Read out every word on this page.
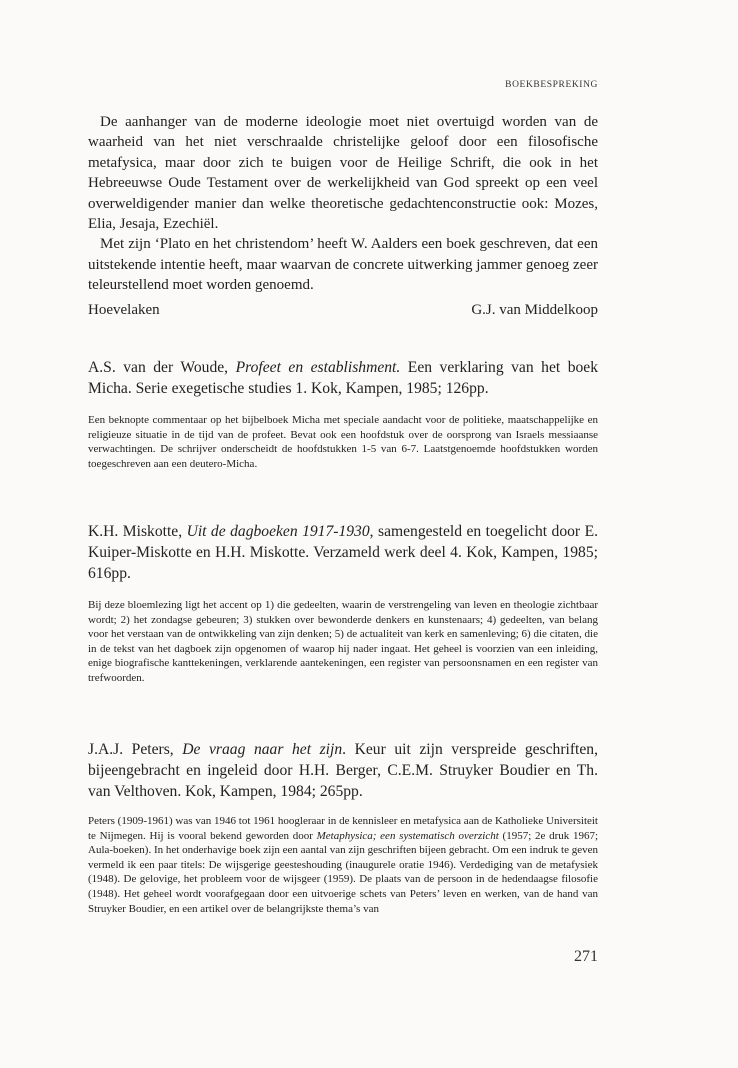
BOEKBESPREKING

De aanhanger van de moderne ideologie moet niet overtuigd worden van de waarheid van het niet verschraalde christelijke geloof door een filosofische metafysica, maar door zich te buigen voor de Heilige Schrift, die ook in het Hebreeuwse Oude Testament over de werkelijkheid van God spreekt op een veel overweldigender manier dan welke theoretische gedachtenconstructie ook: Mozes, Elia, Jesaja, Ezechiël.

Met zijn ‘Plato en het christendom’ heeft W. Aalders een boek geschreven, dat een uitstekende intentie heeft, maar waarvan de concrete uitwerking jammer genoeg zeer teleurstellend moet worden genoemd.

Hoevelaken	G.J. van Middelkoop

A.S. van der Woude, Profeet en establishment. Een verklaring van het boek Micha. Serie exegetische studies 1. Kok, Kampen, 1985; 126pp.

Een beknopte commentaar op het bijbelboek Micha met speciale aandacht voor de politieke, maatschappelijke en religieuze situatie in de tijd van de profeet. Bevat ook een hoofdstuk over de oorsprong van Israels messiaanse verwachtingen. De schrijver onderscheidt de hoofdstukken 1-5 van 6-7. Laatstgenoemde hoofdstukken worden toegeschreven aan een deutero-Micha.

K.H. Miskotte, Uit de dagboeken 1917-1930, samengesteld en toegelicht door E. Kuiper-Miskotte en H.H. Miskotte. Verzameld werk deel 4. Kok, Kampen, 1985; 616pp.

Bij deze bloemlezing ligt het accent op 1) die gedeelten, waarin de verstrengeling van leven en theologie zichtbaar wordt; 2) het zondagse gebeuren; 3) stukken over bewonderde denkers en kunstenaars; 4) gedeelten, van belang voor het verstaan van de ontwikkeling van zijn denken; 5) de actualiteit van kerk en samenleving; 6) die citaten, die in de tekst van het dagboek zijn opgenomen of waarop hij nader ingaat. Het geheel is voorzien van een inleiding, enige biografische kanttekeningen, verklarende aantekeningen, een register van persoonsnamen en een register van trefwoorden.

J.A.J. Peters, De vraag naar het zijn. Keur uit zijn verspreide geschriften, bijeengebracht en ingeleid door H.H. Berger, C.E.M. Struyker Boudier en Th. van Velthoven. Kok, Kampen, 1984; 265pp.

Peters (1909-1961) was van 1946 tot 1961 hoogleraar in de kennisleer en metafysica aan de Katholieke Universiteit te Nijmegen. Hij is vooral bekend geworden door Metaphysica; een systematisch overzicht (1957; 2e druk 1967; Aula-boeken). In het onderhavige boek zijn een aantal van zijn geschriften bijeen gebracht. Om een indruk te geven vermeld ik een paar titels: De wijsgerige geesteshouding (inaugurele oratie 1946). Verdediging van de metafysiek (1948). De gelovige, het probleem voor de wijsgeer (1959). De plaats van de persoon in de hedendaagse filosofie (1948). Het geheel wordt voorafgegaan door een uitvoerige schets van Peters’ leven en werken, van de hand van Struyker Boudier, en een artikel over de belangrijkste thema’s van

271
